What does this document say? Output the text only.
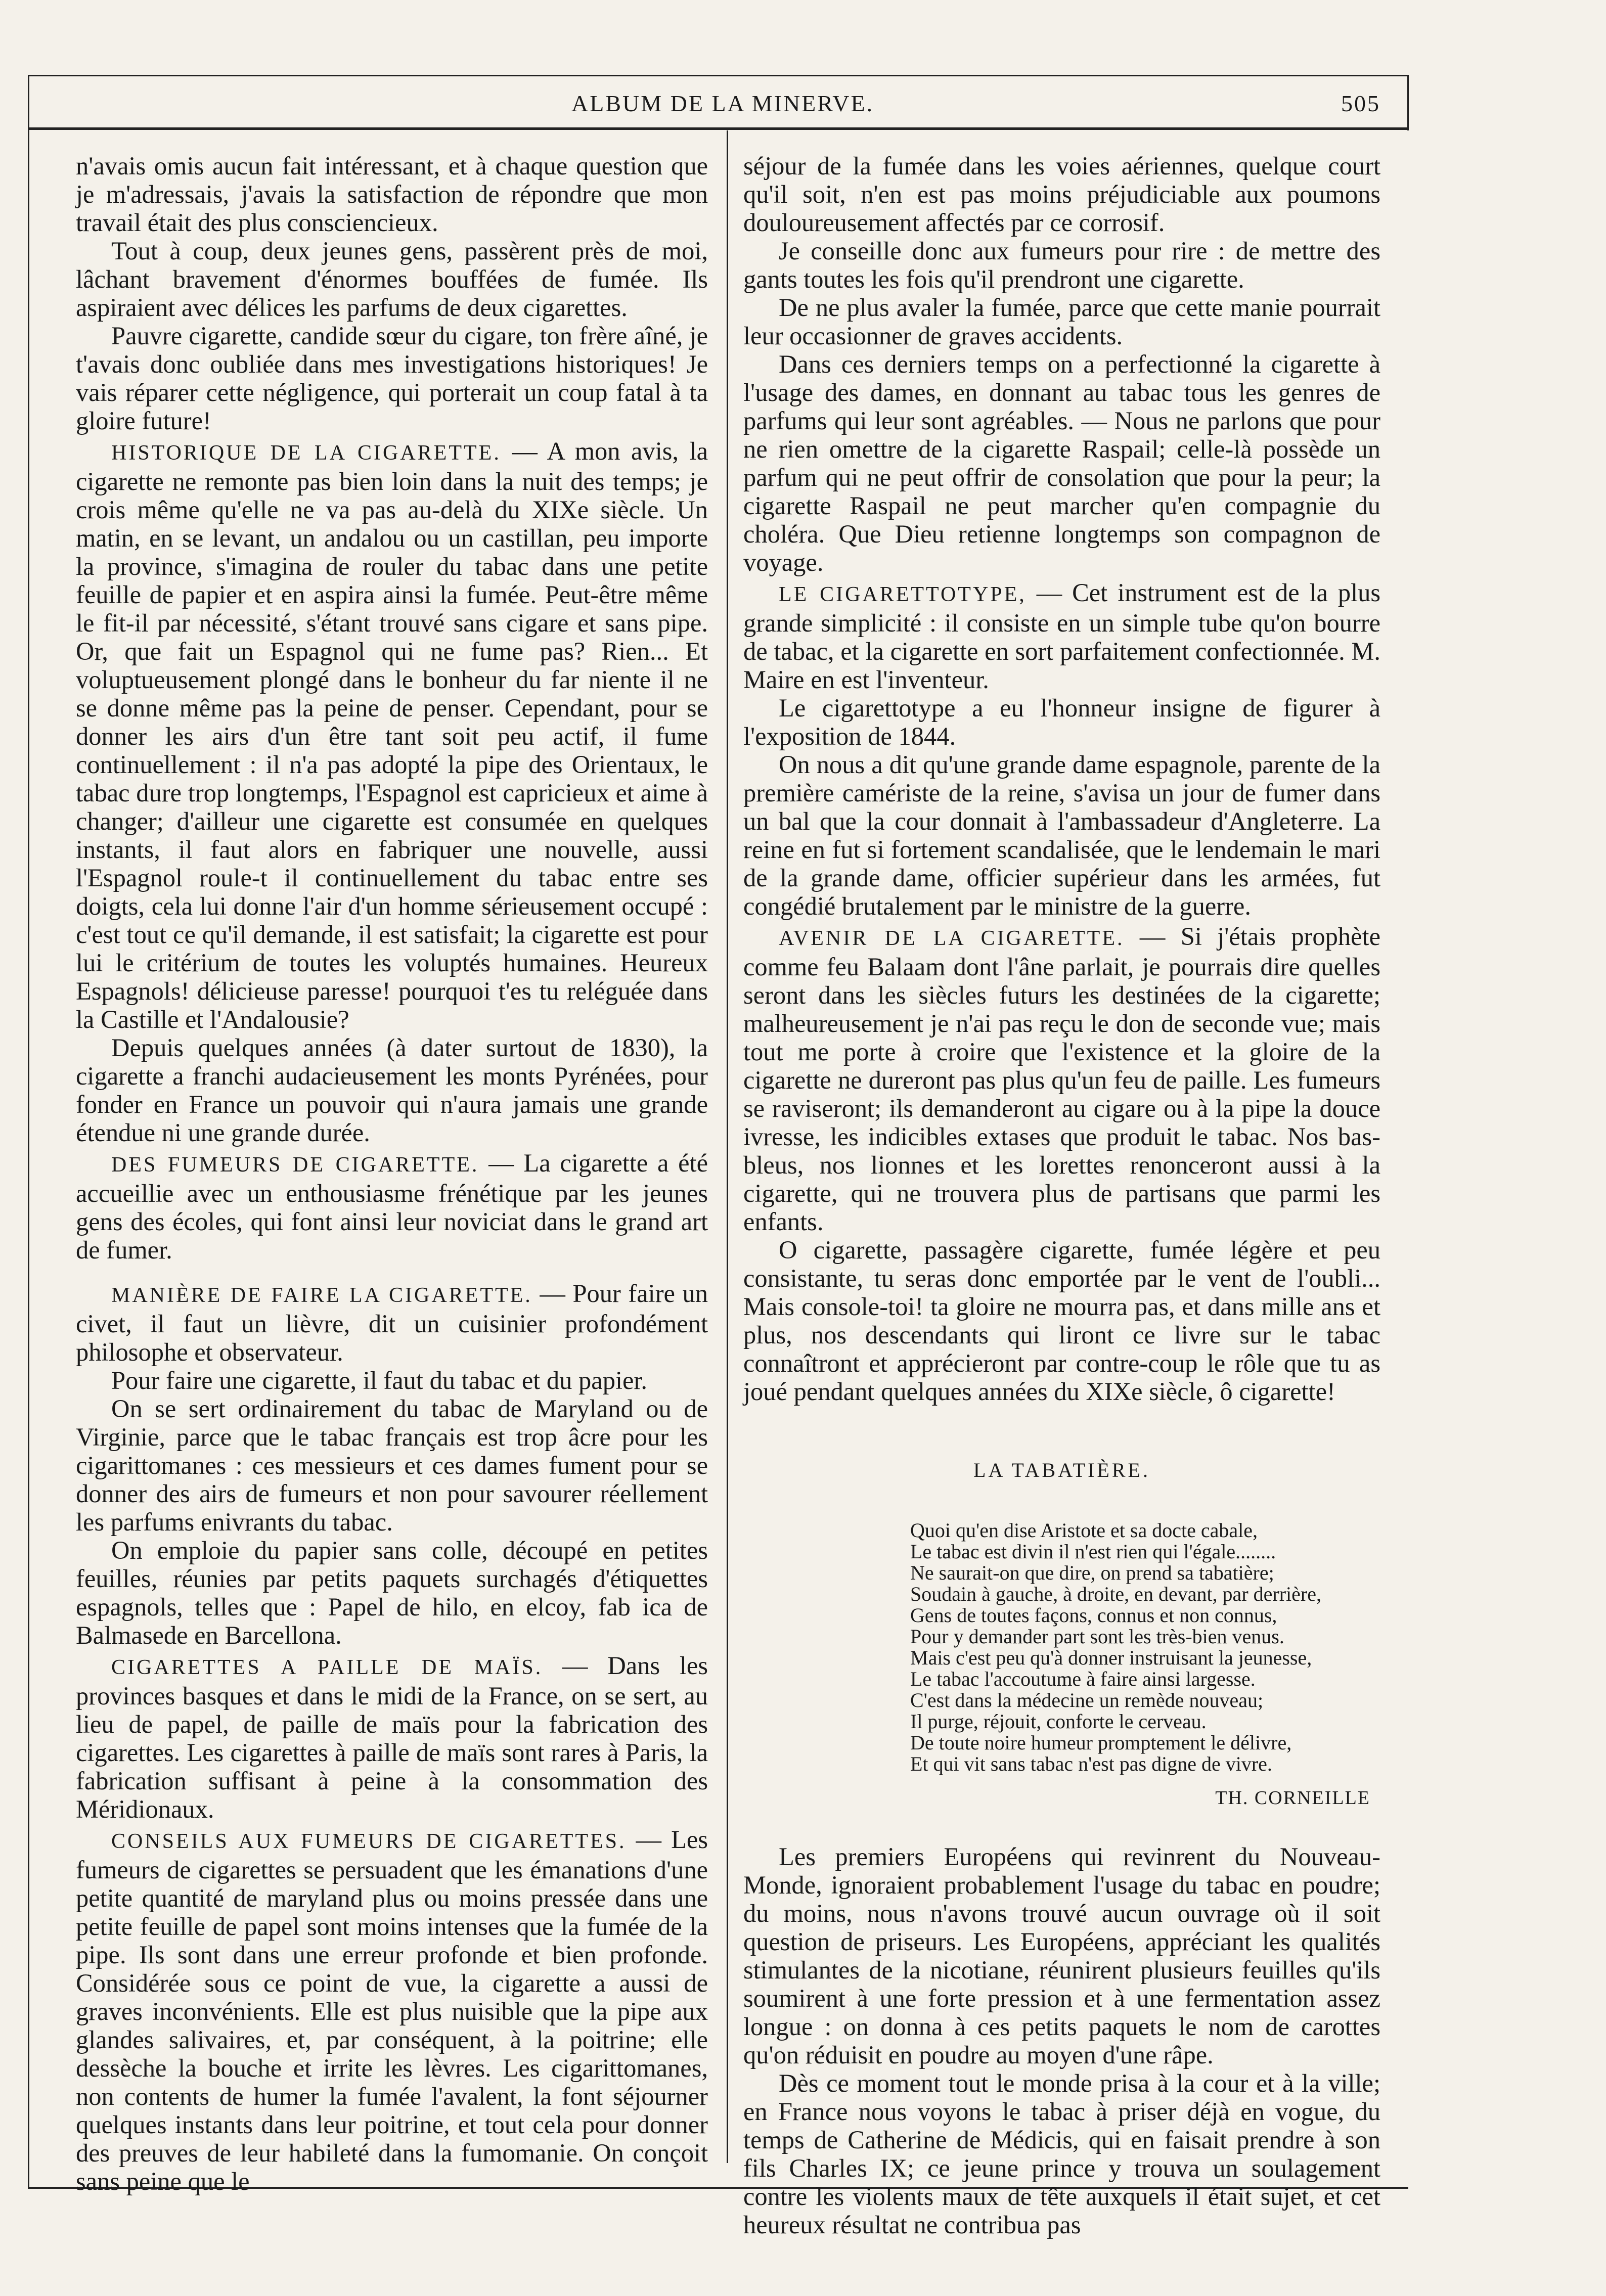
ALBUM DE LA MINERVE.	505

n'avais omis aucun fait intéressant, et à chaque question que je m'adressais, j'avais la satisfaction de répondre que mon travail était des plus consciencieux.

Tout à coup, deux jeunes gens, passèrent près de moi, lâchant bravement d'énormes bouffées de fumée. Ils aspiraient avec délices les parfums de deux cigarettes.

Pauvre cigarette, candide sœur du cigare, ton frère aîné, je t'avais donc oubliée dans mes investigations historiques! Je vais réparer cette négligence, qui porterait un coup fatal à ta gloire future!

HISTORIQUE DE LA CIGARETTE. — A mon avis, la cigarette ne remonte pas bien loin dans la nuit des temps; je crois même qu'elle ne va pas au-delà du XIXe siècle. Un matin, en se levant, un andalou ou un castillan, peu importe la province, s'imagina de rouler du tabac dans une petite feuille de papier et en aspira ainsi la fumée. Peut-être même le fit-il par nécessité, s'étant trouvé sans cigare et sans pipe. Or, que fait un Espagnol qui ne fume pas? Rien... Et voluptueusement plongé dans le bonheur du far niente il ne se donne même pas la peine de penser. Cependant, pour se donner les airs d'un être tant soit peu actif, il fume continuellement : il n'a pas adopté la pipe des Orientaux, le tabac dure trop longtemps, l'Espagnol est capricieux et aime à changer; d'ailleur une cigarette est consumée en quelques instants, il faut alors en fabriquer une nouvelle, aussi l'Espagnol roule-t il continuellement du tabac entre ses doigts, cela lui donne l'air d'un homme sérieusement occupé : c'est tout ce qu'il demande, il est satisfait; la cigarette est pour lui le critérium de toutes les voluptés humaines. Heureux Espagnols! délicieuse paresse! pourquoi t'es tu reléguée dans la Castille et l'Andalousie?

Depuis quelques années (à dater surtout de 1830), la cigarette a franchi audacieusement les monts Pyrénées, pour fonder en France un pouvoir qui n'aura jamais une grande étendue ni une grande durée.

DES FUMEURS DE CIGARETTE. — La cigarette a été accueillie avec un enthousiasme frénétique par les jeunes gens des écoles, qui font ainsi leur noviciat dans le grand art de fumer.

MANIÈRE DE FAIRE LA CIGARETTE. — Pour faire un civet, il faut un lièvre, dit un cuisinier profondément philosophe et observateur.

Pour faire une cigarette, il faut du tabac et du papier.

On se sert ordinairement du tabac de Maryland ou de Virginie, parce que le tabac français est trop âcre pour les cigarittomanes : ces messieurs et ces dames fument pour se donner des airs de fumeurs et non pour savourer réellement les parfums enivrants du tabac.

On emploie du papier sans colle, découpé en petites feuilles, réunies par petits paquets surchagés d'étiquettes espagnols, telles que : Papel de hilo, en elcoy, fab ica de Balmasede en Barcellona.

CIGARETTES A PAILLE DE MAÏS. — Dans les provinces basques et dans le midi de la France, on se sert, au lieu de papel, de paille de maïs pour la fabrication des cigarettes. Les cigarettes à paille de maïs sont rares à Paris, la fabrication suffisant à peine à la consommation des Méridionaux.

CONSEILS AUX FUMEURS DE CIGARETTES. — Les fumeurs de cigarettes se persuadent que les émanations d'une petite quantité de maryland plus ou moins pressée dans une petite feuille de papel sont moins intenses que la fumée de la pipe. Ils sont dans une erreur profonde et bien profonde. Considérée sous ce point de vue, la cigarette a aussi de graves inconvénients. Elle est plus nuisible que la pipe aux glandes salivaires, et, par conséquent, à la poitrine; elle dessèche la bouche et irrite les lèvres. Les cigarittomanes, non contents de humer la fumée l'avalent, la font séjourner quelques instants dans leur poitrine, et tout cela pour donner des preuves de leur habileté dans la fumomanie. On conçoit sans peine que le

séjour de la fumée dans les voies aériennes, quelque court qu'il soit, n'en est pas moins préjudiciable aux poumons douloureusement affectés par ce corrosif.

Je conseille donc aux fumeurs pour rire : de mettre des gants toutes les fois qu'il prendront une cigarette.

De ne plus avaler la fumée, parce que cette manie pourrait leur occasionner de graves accidents.

Dans ces derniers temps on a perfectionné la cigarette à l'usage des dames, en donnant au tabac tous les genres de parfums qui leur sont agréables. — Nous ne parlons que pour ne rien omettre de la cigarette Raspail; celle-là possède un parfum qui ne peut offrir de consolation que pour la peur; la cigarette Raspail ne peut marcher qu'en compagnie du choléra. Que Dieu retienne longtemps son compagnon de voyage.

LE CIGARETTOTYPE, — Cet instrument est de la plus grande simplicité : il consiste en un simple tube qu'on bourre de tabac, et la cigarette en sort parfaitement confectionnée. M. Maire en est l'inventeur.

Le cigarettotype a eu l'honneur insigne de figurer à l'exposition de 1844.

On nous a dit qu'une grande dame espagnole, parente de la première camériste de la reine, s'avisa un jour de fumer dans un bal que la cour donnait à l'ambassadeur d'Angleterre. La reine en fut si fortement scandalisée, que le lendemain le mari de la grande dame, officier supérieur dans les armées, fut congédié brutalement par le ministre de la guerre.

AVENIR DE LA CIGARETTE. — Si j'étais prophète comme feu Balaam dont l'âne parlait, je pourrais dire quelles seront dans les siècles futurs les destinées de la cigarette; malheureusement je n'ai pas reçu le don de seconde vue; mais tout me porte à croire que l'existence et la gloire de la cigarette ne dureront pas plus qu'un feu de paille. Les fumeurs se raviseront; ils demanderont au cigare ou à la pipe la douce ivresse, les indicibles extases que produit le tabac. Nos bas-bleus, nos lionnes et les lorettes renonceront aussi à la cigarette, qui ne trouvera plus de partisans que parmi les enfants.

O cigarette, passagère cigarette, fumée légère et peu consistante, tu seras donc emportée par le vent de l'oubli... Mais console-toi! ta gloire ne mourra pas, et dans mille ans et plus, nos descendants qui liront ce livre sur le tabac connaîtront et apprécieront par contre-coup le rôle que tu as joué pendant quelques années du XIXe siècle, ô cigarette!

LA TABATIÈRE.
Quoi qu'en dise Aristote et sa docte cabale,
Le tabac est divin il n'est rien qui l'égale........
Ne saurait-on que dire, on prend sa tabatière;
Soudain à gauche, à droite, en devant, par derrière,
Gens de toutes façons, connus et non connus,
Pour y demander part sont les très-bien venus.
Mais c'est peu qu'à donner instruisant la jeunesse,
Le tabac l'accoutume à faire ainsi largesse.
C'est dans la médecine un remède nouveau;
Il purge, réjouit, conforte le cerveau.
De toute noire humeur promptement le délivre,
Et qui vit sans tabac n'est pas digne de vivre.
TH. CORNEILLE

Les premiers Européens qui revinrent du Nouveau-Monde, ignoraient probablement l'usage du tabac en poudre; du moins, nous n'avons trouvé aucun ouvrage où il soit question de priseurs. Les Européens, appréciant les qualités stimulantes de la nicotiane, réunirent plusieurs feuilles qu'ils soumirent à une forte pression et à une fermentation assez longue : on donna à ces petits paquets le nom de carottes qu'on réduisit en poudre au moyen d'une râpe.

Dès ce moment tout le monde prisa à la cour et à la ville; en France nous voyons le tabac à priser déjà en vogue, du temps de Catherine de Médicis, qui en faisait prendre à son fils Charles IX; ce jeune prince y trouva un soulagement contre les violents maux de tête auxquels il était sujet, et cet heureux résultat ne contribua pas
